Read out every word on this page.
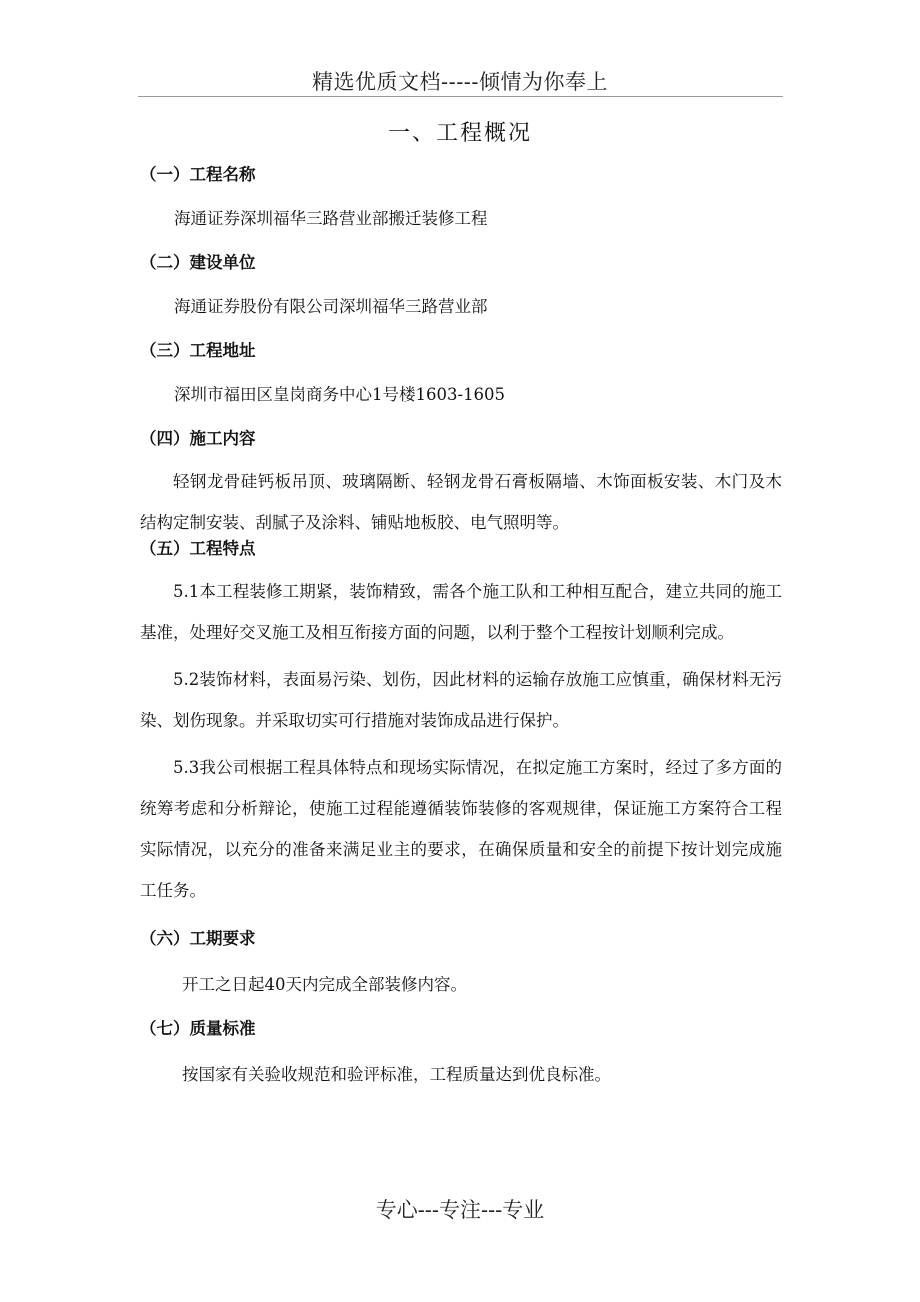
精选优质文档-----倾情为你奉上
一、工程概况
（一）工程名称
海通证券深圳福华三路营业部搬迁装修工程
（二）建设单位
海通证券股份有限公司深圳福华三路营业部
（三）工程地址
深圳市福田区皇岗商务中心1号楼1603-1605
（四）施工内容
轻钢龙骨硅钙板吊顶、玻璃隔断、轻钢龙骨石膏板隔墙、木饰面板安装、木门及木结构定制安装、刮腻子及涂料、铺贴地板胶、电气照明等。
（五）工程特点
5.1本工程装修工期紧，装饰精致，需各个施工队和工种相互配合，建立共同的施工基准，处理好交叉施工及相互衔接方面的问题，以利于整个工程按计划顺利完成。
5.2装饰材料，表面易污染、划伤，因此材料的运输存放施工应慎重，确保材料无污染、划伤现象。并采取切实可行措施对装饰成品进行保护。
5.3我公司根据工程具体特点和现场实际情况，在拟定施工方案时，经过了多方面的统筹考虑和分析辩论，使施工过程能遵循装饰装修的客观规律，保证施工方案符合工程实际情况，以充分的准备来满足业主的要求，在确保质量和安全的前提下按计划完成施工任务。
（六）工期要求
开工之日起40天内完成全部装修内容。
（七）质量标准
按国家有关验收规范和验评标准，工程质量达到优良标准。
专心---专注---专业
